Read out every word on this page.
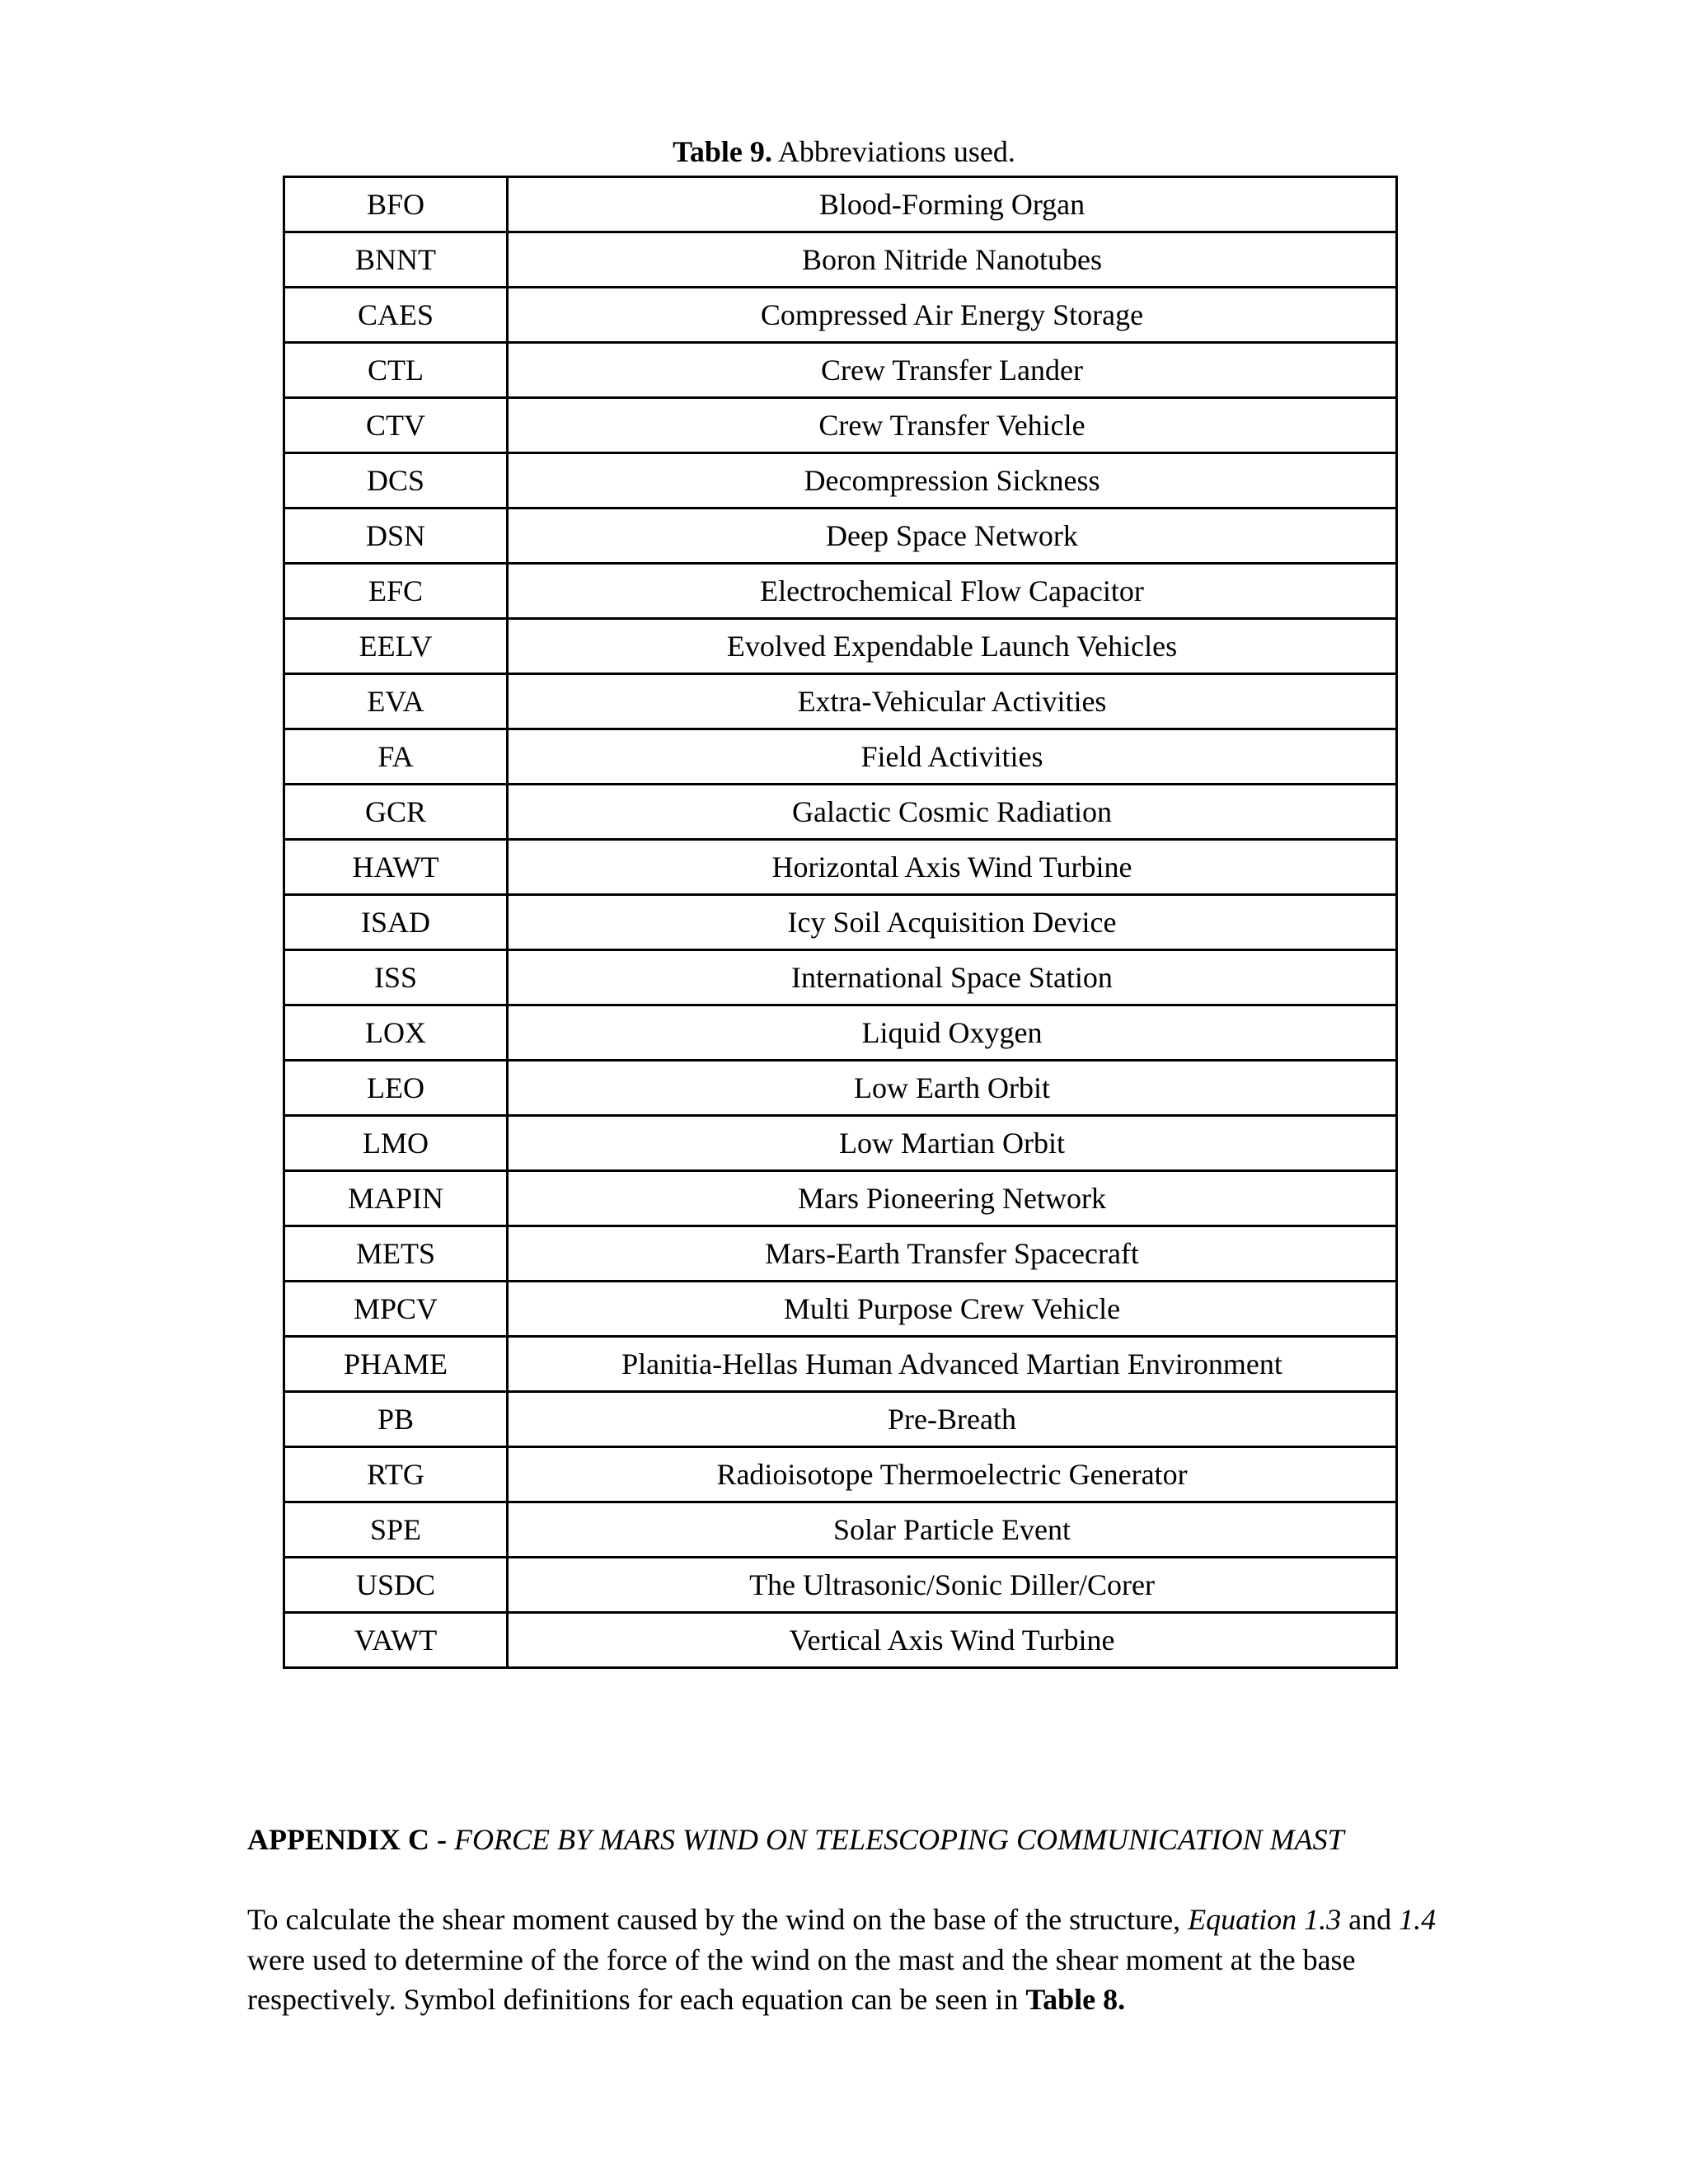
Table 9. Abbreviations used.
BFO	Blood-Forming Organ
BNNT	Boron Nitride Nanotubes
CAES	Compressed Air Energy Storage
CTL	Crew Transfer Lander
CTV	Crew Transfer Vehicle
DCS	Decompression Sickness
DSN	Deep Space Network
EFC	Electrochemical Flow Capacitor
EELV	Evolved Expendable Launch Vehicles
EVA	Extra-Vehicular Activities
FA	Field Activities
GCR	Galactic Cosmic Radiation
HAWT	Horizontal Axis Wind Turbine
ISAD	Icy Soil Acquisition Device
ISS	International Space Station
LOX	Liquid Oxygen
LEO	Low Earth Orbit
LMO	Low Martian Orbit
MAPIN	Mars Pioneering Network
METS	Mars-Earth Transfer Spacecraft
MPCV	Multi Purpose Crew Vehicle
PHAME	Planitia-Hellas Human Advanced Martian Environment
PB	Pre-Breath
RTG	Radioisotope Thermoelectric Generator
SPE	Solar Particle Event
USDC	The Ultrasonic/Sonic Diller/Corer
VAWT	Vertical Axis Wind Turbine
APPENDIX C - FORCE BY MARS WIND ON TELESCOPING COMMUNICATION MAST

To calculate the shear moment caused by the wind on the base of the structure, Equation 1.3 and 1.4

were used to determine of the force of the wind on the mast and the shear moment at the base

respectively. Symbol definitions for each equation can be seen in Table 8.
